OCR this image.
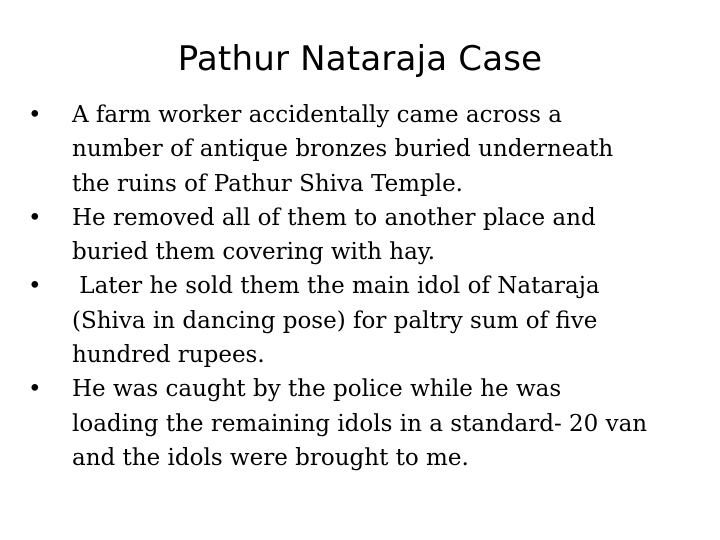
Pathur Nataraja Case
• A farm worker accidentally came across a
number of antique bronzes buried underneath
the ruins of Pathur Shiva Temple.
• He removed all of them to another place and
buried them covering with hay.
• Later he sold them the main idol of Nataraja
(Shiva in dancing pose) for paltry sum of five
hundred rupees.
• He was caught by the police while he was
loading the remaining idols in a standard- 20 van
and the idols were brought to me.
